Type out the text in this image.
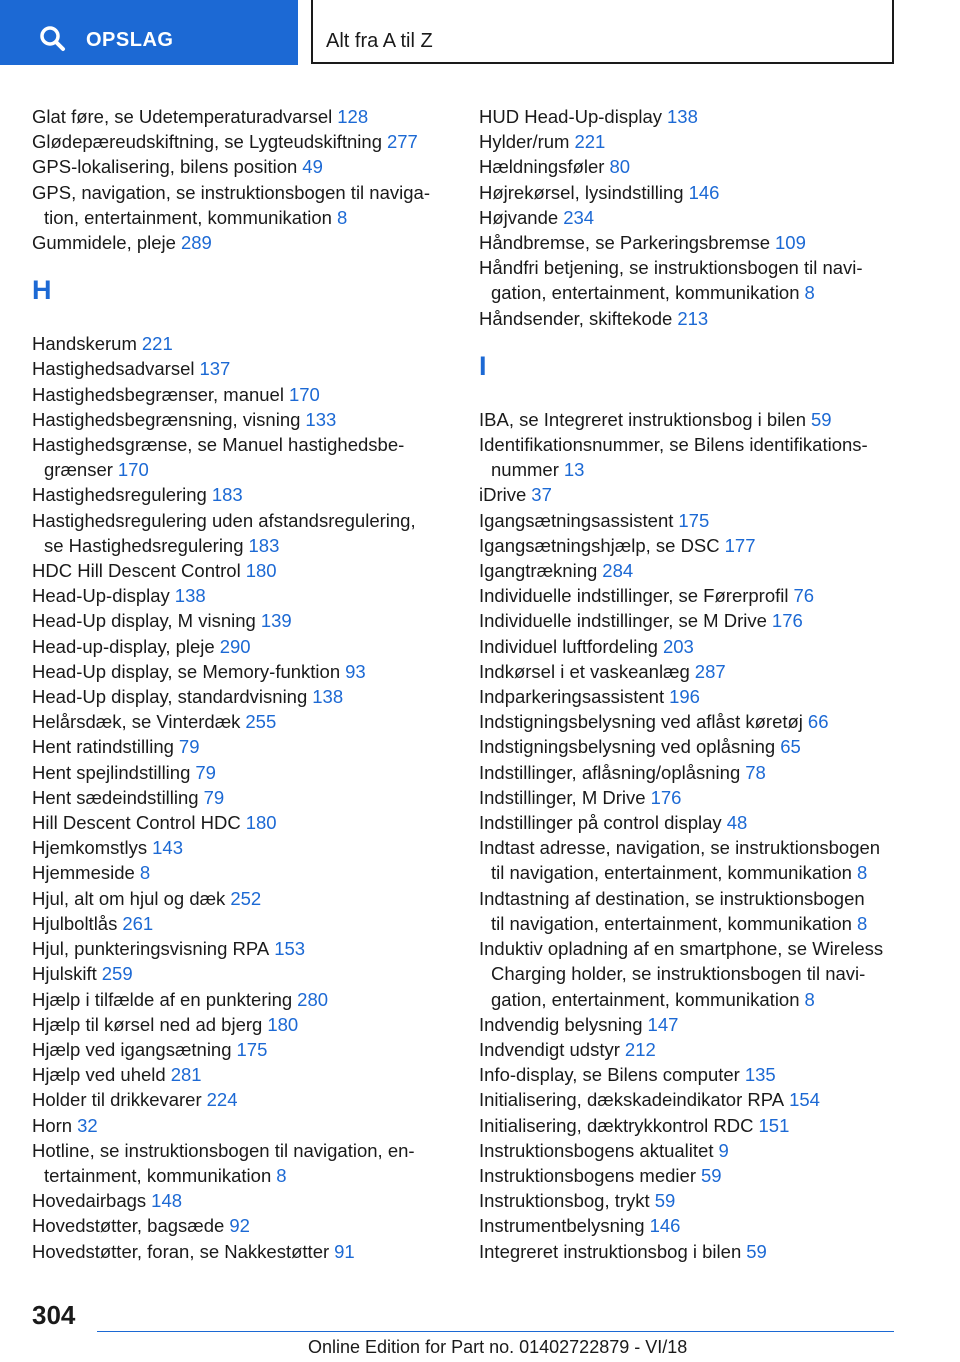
OPSLAG	Alt fra A til Z
Glat føre, se Udetemperaturadvarsel 128
Glødepæreudskiftning, se Lygteudskiftning 277
GPS-lokalisering, bilens position 49
GPS, navigation, se instruktionsbogen til naviga-
tion, entertainment, kommunikation 8
Gummidele, pleje 289
H
Handskerum 221
Hastighedsadvarsel 137
Hastighedsbegrænser, manuel 170
Hastighedsbegrænsning, visning 133
Hastighedsgrænse, se Manuel hastighedsbe-
grænser 170
Hastighedsregulering 183
Hastighedsregulering uden afstandsregulering,
se Hastighedsregulering 183
HDC Hill Descent Control 180
Head-Up-display 138
Head-Up display, M visning 139
Head-up-display, pleje 290
Head-Up display, se Memory-funktion 93
Head-Up display, standardvisning 138
Helårsdæk, se Vinterdæk 255
Hent ratindstilling 79
Hent spejlindstilling 79
Hent sædeindstilling 79
Hill Descent Control HDC 180
Hjemkomstlys 143
Hjemmeside 8
Hjul, alt om hjul og dæk 252
Hjulboltlås 261
Hjul, punkteringsvisning RPA 153
Hjulskift 259
Hjælp i tilfælde af en punktering 280
Hjælp til kørsel ned ad bjerg 180
Hjælp ved igangsætning 175
Hjælp ved uheld 281
Holder til drikkevarer 224
Horn 32
Hotline, se instruktionsbogen til navigation, en-
tertainment, kommunikation 8
Hovedairbags 148
Hovedstøtter, bagsæde 92
Hovedstøtter, foran, se Nakkestøtter 91
HUD Head-Up-display 138
Hylder/rum 221
Hældningsføler 80
Højrekørsel, lysindstilling 146
Højvande 234
Håndbremse, se Parkeringsbremse 109
Håndfri betjening, se instruktionsbogen til navi-
gation, entertainment, kommunikation 8
Håndsender, skiftekode 213
I
IBA, se Integreret instruktionsbog i bilen 59
Identifikationsnummer, se Bilens identifikations-
nummer 13
iDrive 37
Igangsætningsassistent 175
Igangsætningshjælp, se DSC 177
Igangtrækning 284
Individuelle indstillinger, se Førerprofil 76
Individuelle indstillinger, se M Drive 176
Individuel luftfordeling 203
Indkørsel i et vaskeanlæg 287
Indparkeringsassistent 196
Indstigningsbelysning ved aflåst køretøj 66
Indstigningsbelysning ved oplåsning 65
Indstillinger, aflåsning/oplåsning 78
Indstillinger, M Drive 176
Indstillinger på control display 48
Indtast adresse, navigation, se instruktionsbogen
til navigation, entertainment, kommunikation 8
Indtastning af destination, se instruktionsbogen
til navigation, entertainment, kommunikation 8
Induktiv opladning af en smartphone, se Wireless
Charging holder, se instruktionsbogen til navi-
gation, entertainment, kommunikation 8
Indvendig belysning 147
Indvendigt udstyr 212
Info-display, se Bilens computer 135
Initialisering, dækskadeindikator RPA 154
Initialisering, dæktrykkontrol RDC 151
Instruktionsbogens aktualitet 9
Instruktionsbogens medier 59
Instruktionsbog, trykt 59
Instrumentbelysning 146
Integreret instruktionsbog i bilen 59
304
Online Edition for Part no. 01402722879 - VI/18
